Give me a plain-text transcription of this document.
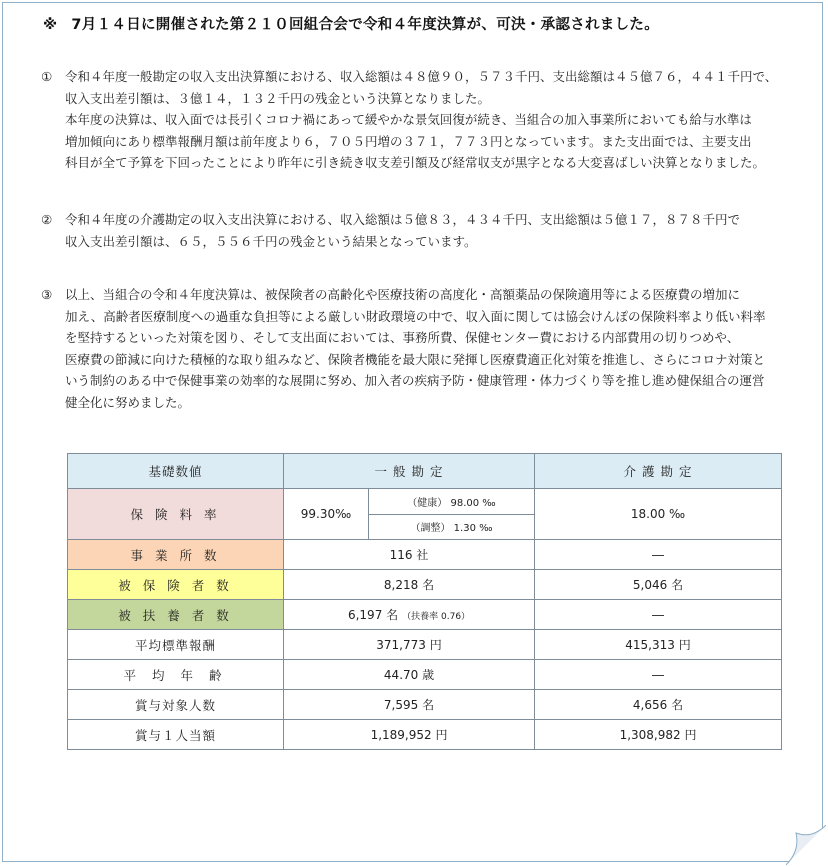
※ 7月１４日に開催された第２１０回組合会で令和４年度決算が、可決・承認されました。
① 令和４年度一般勘定の収入支出決算額における、収入総額は４８億９０，５７３千円、支出総額は４５億７６，４４１千円で、
収入支出差引額は、３億１４，１３２千円の残金という決算となりました。
本年度の決算は、収入面では長引くコロナ禍にあって緩やかな景気回復が続き、当組合の加入事業所においても給与水準は
増加傾向にあり標準報酬月額は前年度より６，７０５円増の３７１，７７３円となっています。また支出面では、主要支出
科目が全て予算を下回ったことにより昨年に引き続き収支差引額及び経常収支が黒字となる大変喜ばしい決算となりました。
② 令和４年度の介護勘定の収入支出決算における、収入総額は５億８３，４３４千円、支出総額は５億１７，８７８千円で
収入支出差引額は、６５，５５６千円の残金という結果となっています。
③ 以上、当組合の令和４年度決算は、被保険者の高齢化や医療技術の高度化・高額薬品の保険適用等による医療費の増加に
加え、高齢者医療制度への過重な負担等による厳しい財政環境の中で、収入面に関しては協会けんぽの保険料率より低い料率
を堅持するといった対策を図り、そして支出面においては、事務所費、保健センター費における内部費用の切りつめや、
医療費の節減に向けた積極的な取り組みなど、保険者機能を最大限に発揮し医療費適正化対策を推進し、さらにコロナ対策と
いう制約のある中で保健事業の効率的な展開に努め、加入者の疾病予防・健康管理・体力づくり等を推し進め健保組合の運営
健全化に努めました。
基礎数値	一 般 勘 定		介 護 勘 定
保 険 料 率	99.30‰	（健康） 98.00 ‰	18.00 ‰
		（調整） 1.30 ‰	
事 業 所 数	116 社		―
被 保 険 者 数	8,218 名		5,046 名
被 扶 養 者 数	6,197 名 （扶養率 0.76）		―
平均標準報酬	371,773 円		415,313 円
平 均 年 齢	44.70 歳		―
賞与対象人数	7,595 名		4,656 名
賞与１人当額	1,189,952 円		1,308,982 円
